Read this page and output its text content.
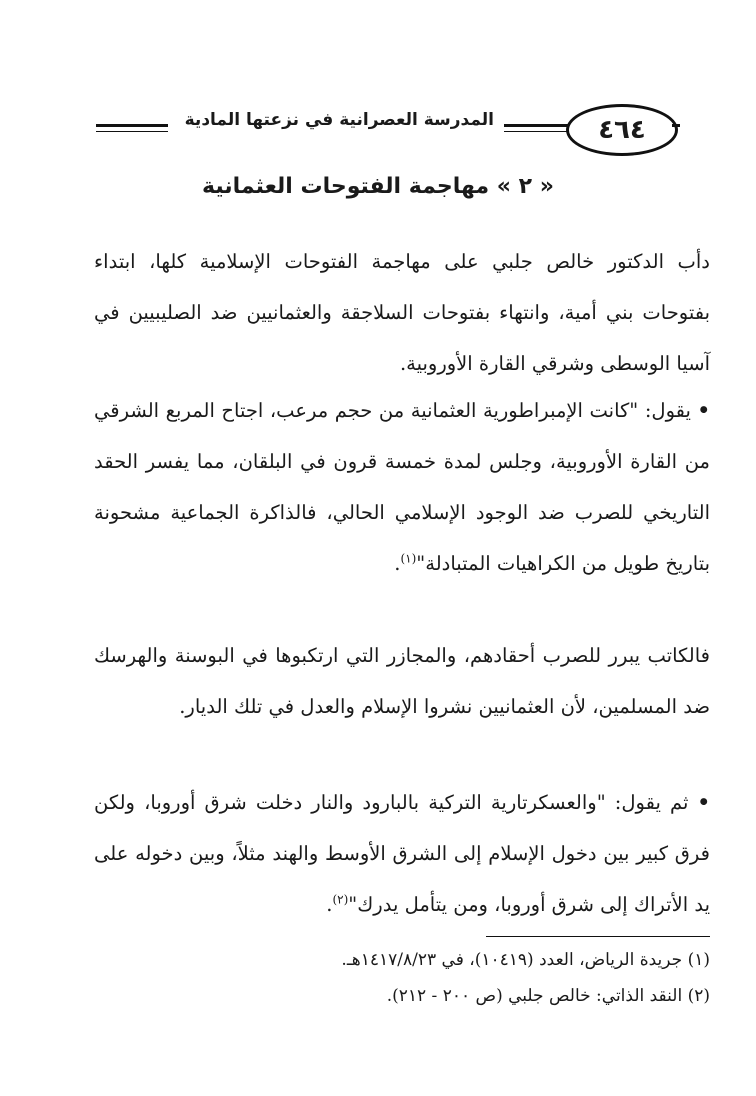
المدرسة العصرانية في نزعتها المادية	٤٦٤
« ٢ » مهاجمة الفتوحات العثمانية

دأب الدكتور خالص جلبي على مهاجمة الفتوحات الإسلامية كلها، ابتداء بفتوحات بني أمية، وانتهاء بفتوحات السلاجقة والعثمانيين ضد الصليبيين في آسيا الوسطى وشرقي القارة الأوروبية.

• يقول: "كانت الإمبراطورية العثمانية من حجم مرعب، اجتاح المربع الشرقي من القارة الأوروبية، وجلس لمدة خمسة قرون في البلقان، مما يفسر الحقد التاريخي للصرب ضد الوجود الإسلامي الحالي، فالذاكرة الجماعية مشحونة بتاريخ طويل من الكراهيات المتبادلة"$^{(١)}$.

فالكاتب يبرر للصرب أحقادهم، والمجازر التي ارتكبوها في البوسنة والهرسك ضد المسلمين، لأن العثمانيين نشروا الإسلام والعدل في تلك الديار.

• ثم يقول: "والعسكرتارية التركية بالبارود والنار دخلت شرق أوروبا، ولكن فرق كبير بين دخول الإسلام إلى الشرق الأوسط والهند مثلاً، وبين دخوله على يد الأتراك إلى شرق أوروبا، ومن يتأمل يدرك"$^{(٢)}$.

(١) جريدة الرياض، العدد (١٠٤١٩)، في ١٤١٧/٨/٢٣هـ.
(٢) النقد الذاتي: خالص جلبي (ص ٢٠٠ - ٢١٢).
